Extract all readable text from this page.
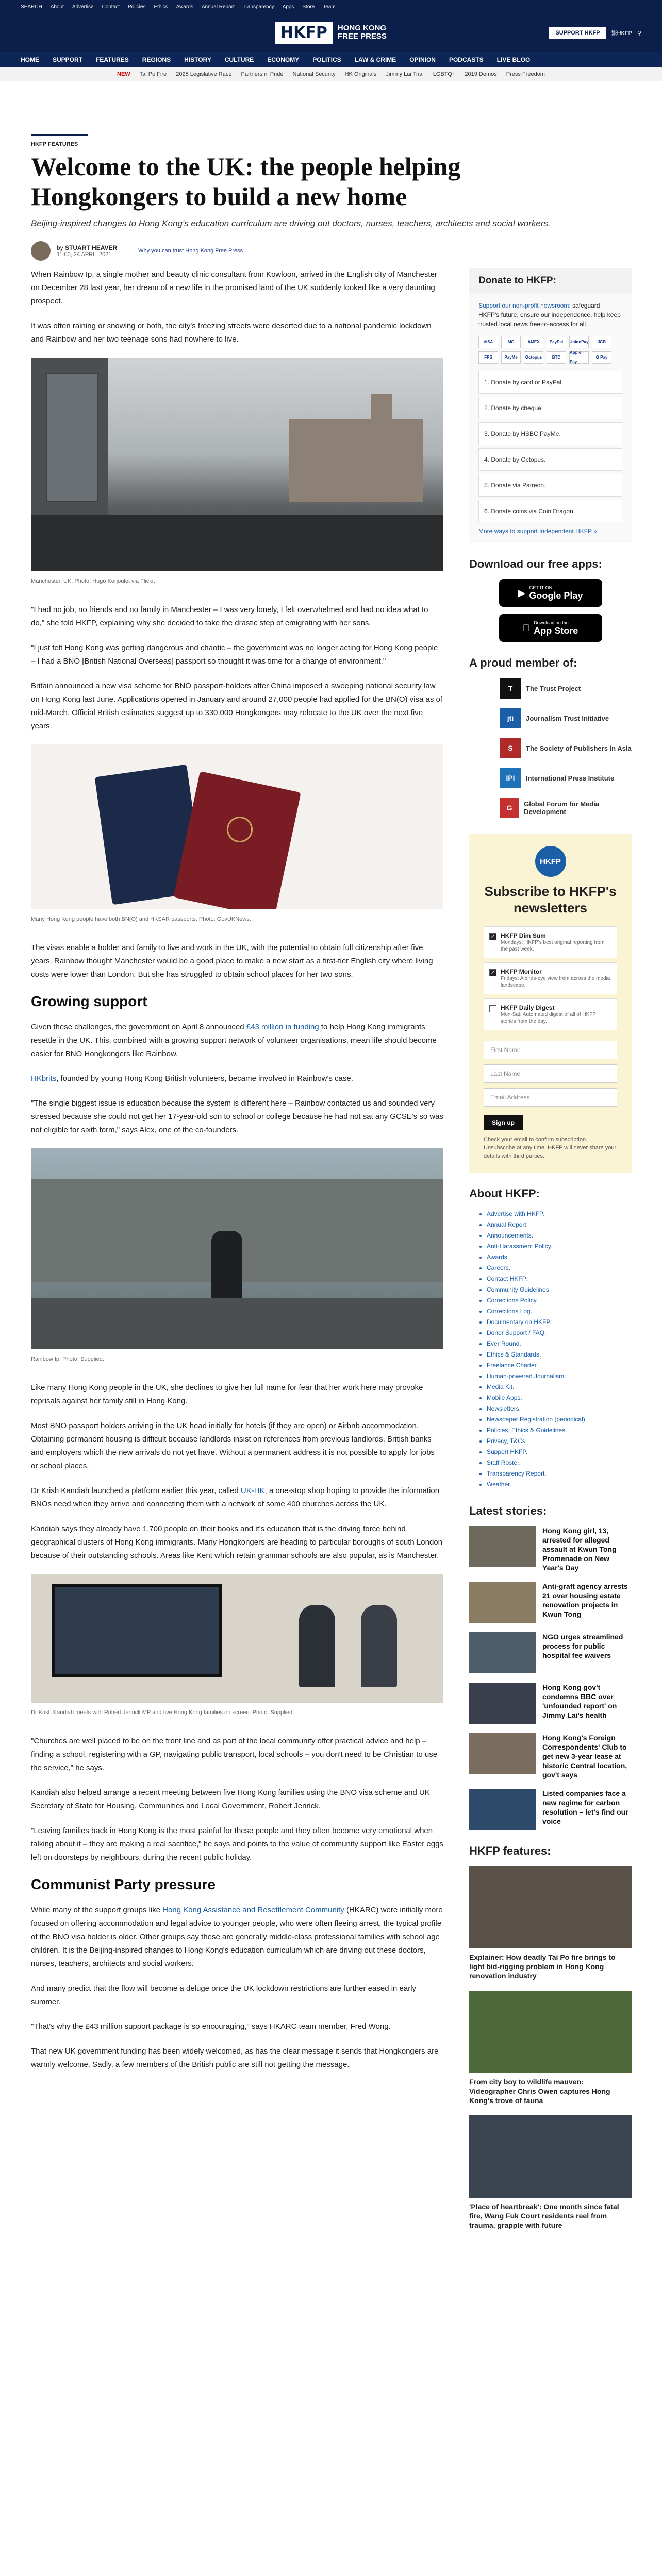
SEARCH About Advertise Contact Policies Ethics Awards Annual Report Transparency Apps Store Team
HKFP	HONG KONG
FREE PRESS	SUPPORT HKFP	繁HKFP ⚲
HOME SUPPORT FEATURES REGIONS HISTORY CULTURE ECONOMY POLITICS LAW & CRIME OPINION PODCASTS LIVE BLOG
NEW Tai Po Fire 2025 Legislative Race Partners in Pride National Security HK Originals Jimmy Lai Trial LGBTQ+ 2019 Demos Press Freedom
HKFP FEATURES
Welcome to the UK: the people helping Hongkongers to build a new home
Beijing-inspired changes to Hong Kong's education curriculum are driving out doctors, nurses, teachers, architects and social workers.
by STUART HEAVER
11:00, 24 APRIL 2021
Why you can trust Hong Kong Free Press

When Rainbow Ip, a single mother and beauty clinic consultant from Kowloon, arrived in the English city of Manchester on December 28 last year, her dream of a new life in the promised land of the UK suddenly looked like a very daunting prospect.

It was often raining or snowing or both, the city's freezing streets were deserted due to a national pandemic lockdown and Rainbow and her two teenage sons had nowhere to live.

Manchester, UK. Photo: Hugo Kerjoulet via Flickr.

"I had no job, no friends and no family in Manchester – I was very lonely, I felt overwhelmed and had no idea what to do," she told HKFP, explaining why she decided to take the drastic step of emigrating with her sons.

"I just felt Hong Kong was getting dangerous and chaotic – the government was no longer acting for Hong Kong people – I had a BNO [British National Overseas] passport so thought it was time for a change of environment."

Britain announced a new visa scheme for BNO passport-holders after China imposed a sweeping national security law on Hong Kong last June. Applications opened in January and around 27,000 people had applied for the BN(O) visa as of mid-March. Official British estimates suggest up to 330,000 Hongkongers may relocate to the UK over the next five years.

Many Hong Kong people have both BN(O) and HKSAR passports. Photo: GovUKNews.

The visas enable a holder and family to live and work in the UK, with the potential to obtain full citizenship after five years. Rainbow thought Manchester would be a good place to make a new start as a first-tier English city where living costs were lower than London. But she has struggled to obtain school places for her two sons.

Growing support

Given these challenges, the government on April 8 announced £43 million in funding to help Hong Kong immigrants resettle in the UK. This, combined with a growing support network of volunteer organisations, mean life should become easier for BNO Hongkongers like Rainbow.

HKbrits, founded by young Hong Kong British volunteers, became involved in Rainbow's case.

"The single biggest issue is education because the system is different here – Rainbow contacted us and sounded very stressed because she could not get her 17-year-old son to school or college because he had not sat any GCSE's so was not eligible for sixth form," says Alex, one of the co-founders.

Rainbow Ip. Photo: Supplied.

Like many Hong Kong people in the UK, she declines to give her full name for fear that her work here may provoke reprisals against her family still in Hong Kong.

Most BNO passport holders arriving in the UK head initially for hotels (if they are open) or Airbnb accommodation. Obtaining permanent housing is difficult because landlords insist on references from previous landlords, British banks and employers which the new arrivals do not yet have. Without a permanent address it is not possible to apply for jobs or school places.

Dr Krish Kandiah launched a platform earlier this year, called UK-HK, a one-stop shop hoping to provide the information BNOs need when they arrive and connecting them with a network of some 400 churches across the UK.

Kandiah says they already have 1,700 people on their books and it's education that is the driving force behind geographical clusters of Hong Kong immigrants. Many Hongkongers are heading to particular boroughs of south London because of their outstanding schools. Areas like Kent which retain grammar schools are also popular, as is Manchester.

Dr Krish Kandiah meets with Robert Jenrick MP and five Hong Kong families on screen. Photo: Supplied.

"Churches are well placed to be on the front line and as part of the local community offer practical advice and help – finding a school, registering with a GP, navigating public transport, local schools – you don't need to be Christian to use the service," he says.

Kandiah also helped arrange a recent meeting between five Hong Kong families using the BNO visa scheme and UK Secretary of State for Housing, Communities and Local Government, Robert Jenrick.

"Leaving families back in Hong Kong is the most painful for these people and they often become very emotional when talking about it – they are making a real sacrifice," he says and points to the value of community support like Easter eggs left on doorsteps by neighbours, during the recent public holiday.

Communist Party pressure

While many of the support groups like Hong Kong Assistance and Resettlement Community (HKARC) were initially more focused on offering accommodation and legal advice to younger people, who were often fleeing arrest, the typical profile of the BNO visa holder is older. Other groups say these are generally middle-class professional families with school age children. It is the Beijing-inspired changes to Hong Kong's education curriculum which are driving out these doctors, nurses, teachers, architects and social workers.

And many predict that the flow will become a deluge once the UK lockdown restrictions are further eased in early summer.

"That's why the £43 million support package is so encouraging," says HKARC team member, Fred Wong.

That new UK government funding has been widely welcomed, as has the clear message it sends that Hongkongers are warmly welcome. Sadly, a few members of the British public are still not getting the message.

Donate to HKFP:
Support our non-profit newsroom: safeguard HKFP's future, ensure our independence, help keep trusted local news free-to-access for all.
VISA	MC	AMEX	PayPal	UnionPay	JCB
FPS	PayMe	Octopus	BTC
Apple Pay
G Pay
1. Donate by card or PayPal.
2. Donate by cheque.
3. Donate by HSBC PayMe.
4. Donate by Octopus.
5. Donate via Patreon.
6. Donate coins via Coin Dragon.
More ways to support Independent HKFP »
Download our free apps:
▶ GET IT ON
Google Play
Download on the
App Store
A proud member of:
T	The Trust Project
jti	Journalism Trust Initiative
S	The Society of Publishers in Asia
IPI	International Press Institute
G	Global Forum for Media Development
HKFP
Subscribe to HKFP's newsletters
✓ HKFP Dim Sum
Mondays: HKFP's best original reporting from the past week.
✓ HKFP Monitor
Fridays: A birds-eye view from across the media landscape.
HKFP Daily Digest
Mon-Sat: Automated digest of all of HKFP stories from the day.
First Name
Last Name
Email Address
Sign up
Check your email to confirm subscription. Unsubscribe at any time. HKFP will never share your details with third parties.
About HKFP:
• Advertise with HKFP.
• Annual Report.
• Announcements.
• Anti-Harassment Policy.
• Awards.
• Careers.
• Contact HKFP.
• Community Guidelines.
• Corrections Policy.
• Corrections Log.
• Documentary on HKFP.
• Donor Support / FAQ.
• Ever Round.
• Ethics & Standards.
• Freelance Charter.
• Human-powered Journalism.
• Media Kit.
• Mobile Apps.
• Newsletters.
• Newspaper Registration (periodical).
• Policies, Ethics & Guidelines.
• Privacy, T&Cs.
• Support HKFP.
• Staff Roster.
• Transparency Report.
• Weather.
Latest stories:
Hong Kong girl, 13, arrested for alleged assault at Kwun Tong Promenade on New Year's Day
Anti-graft agency arrests 21 over housing estate renovation projects in Kwun Tong
NGO urges streamlined process for public hospital fee waivers
Hong Kong gov't condemns BBC over 'unfounded report' on Jimmy Lai's health
Hong Kong's Foreign Correspondents' Club to get new 3-year lease at historic Central location, gov't says
Listed companies face a new regime for carbon resolution – let's find our voice
HKFP features:
Explainer: How deadly Tai Po fire brings to light bid-rigging problem in Hong Kong renovation industry
From city boy to wildlife mauven: Videographer Chris Owen captures Hong Kong's trove of fauna
'Place of heartbreak': One month since fatal fire, Wang Fuk Court residents reel from trauma, grapple with future
